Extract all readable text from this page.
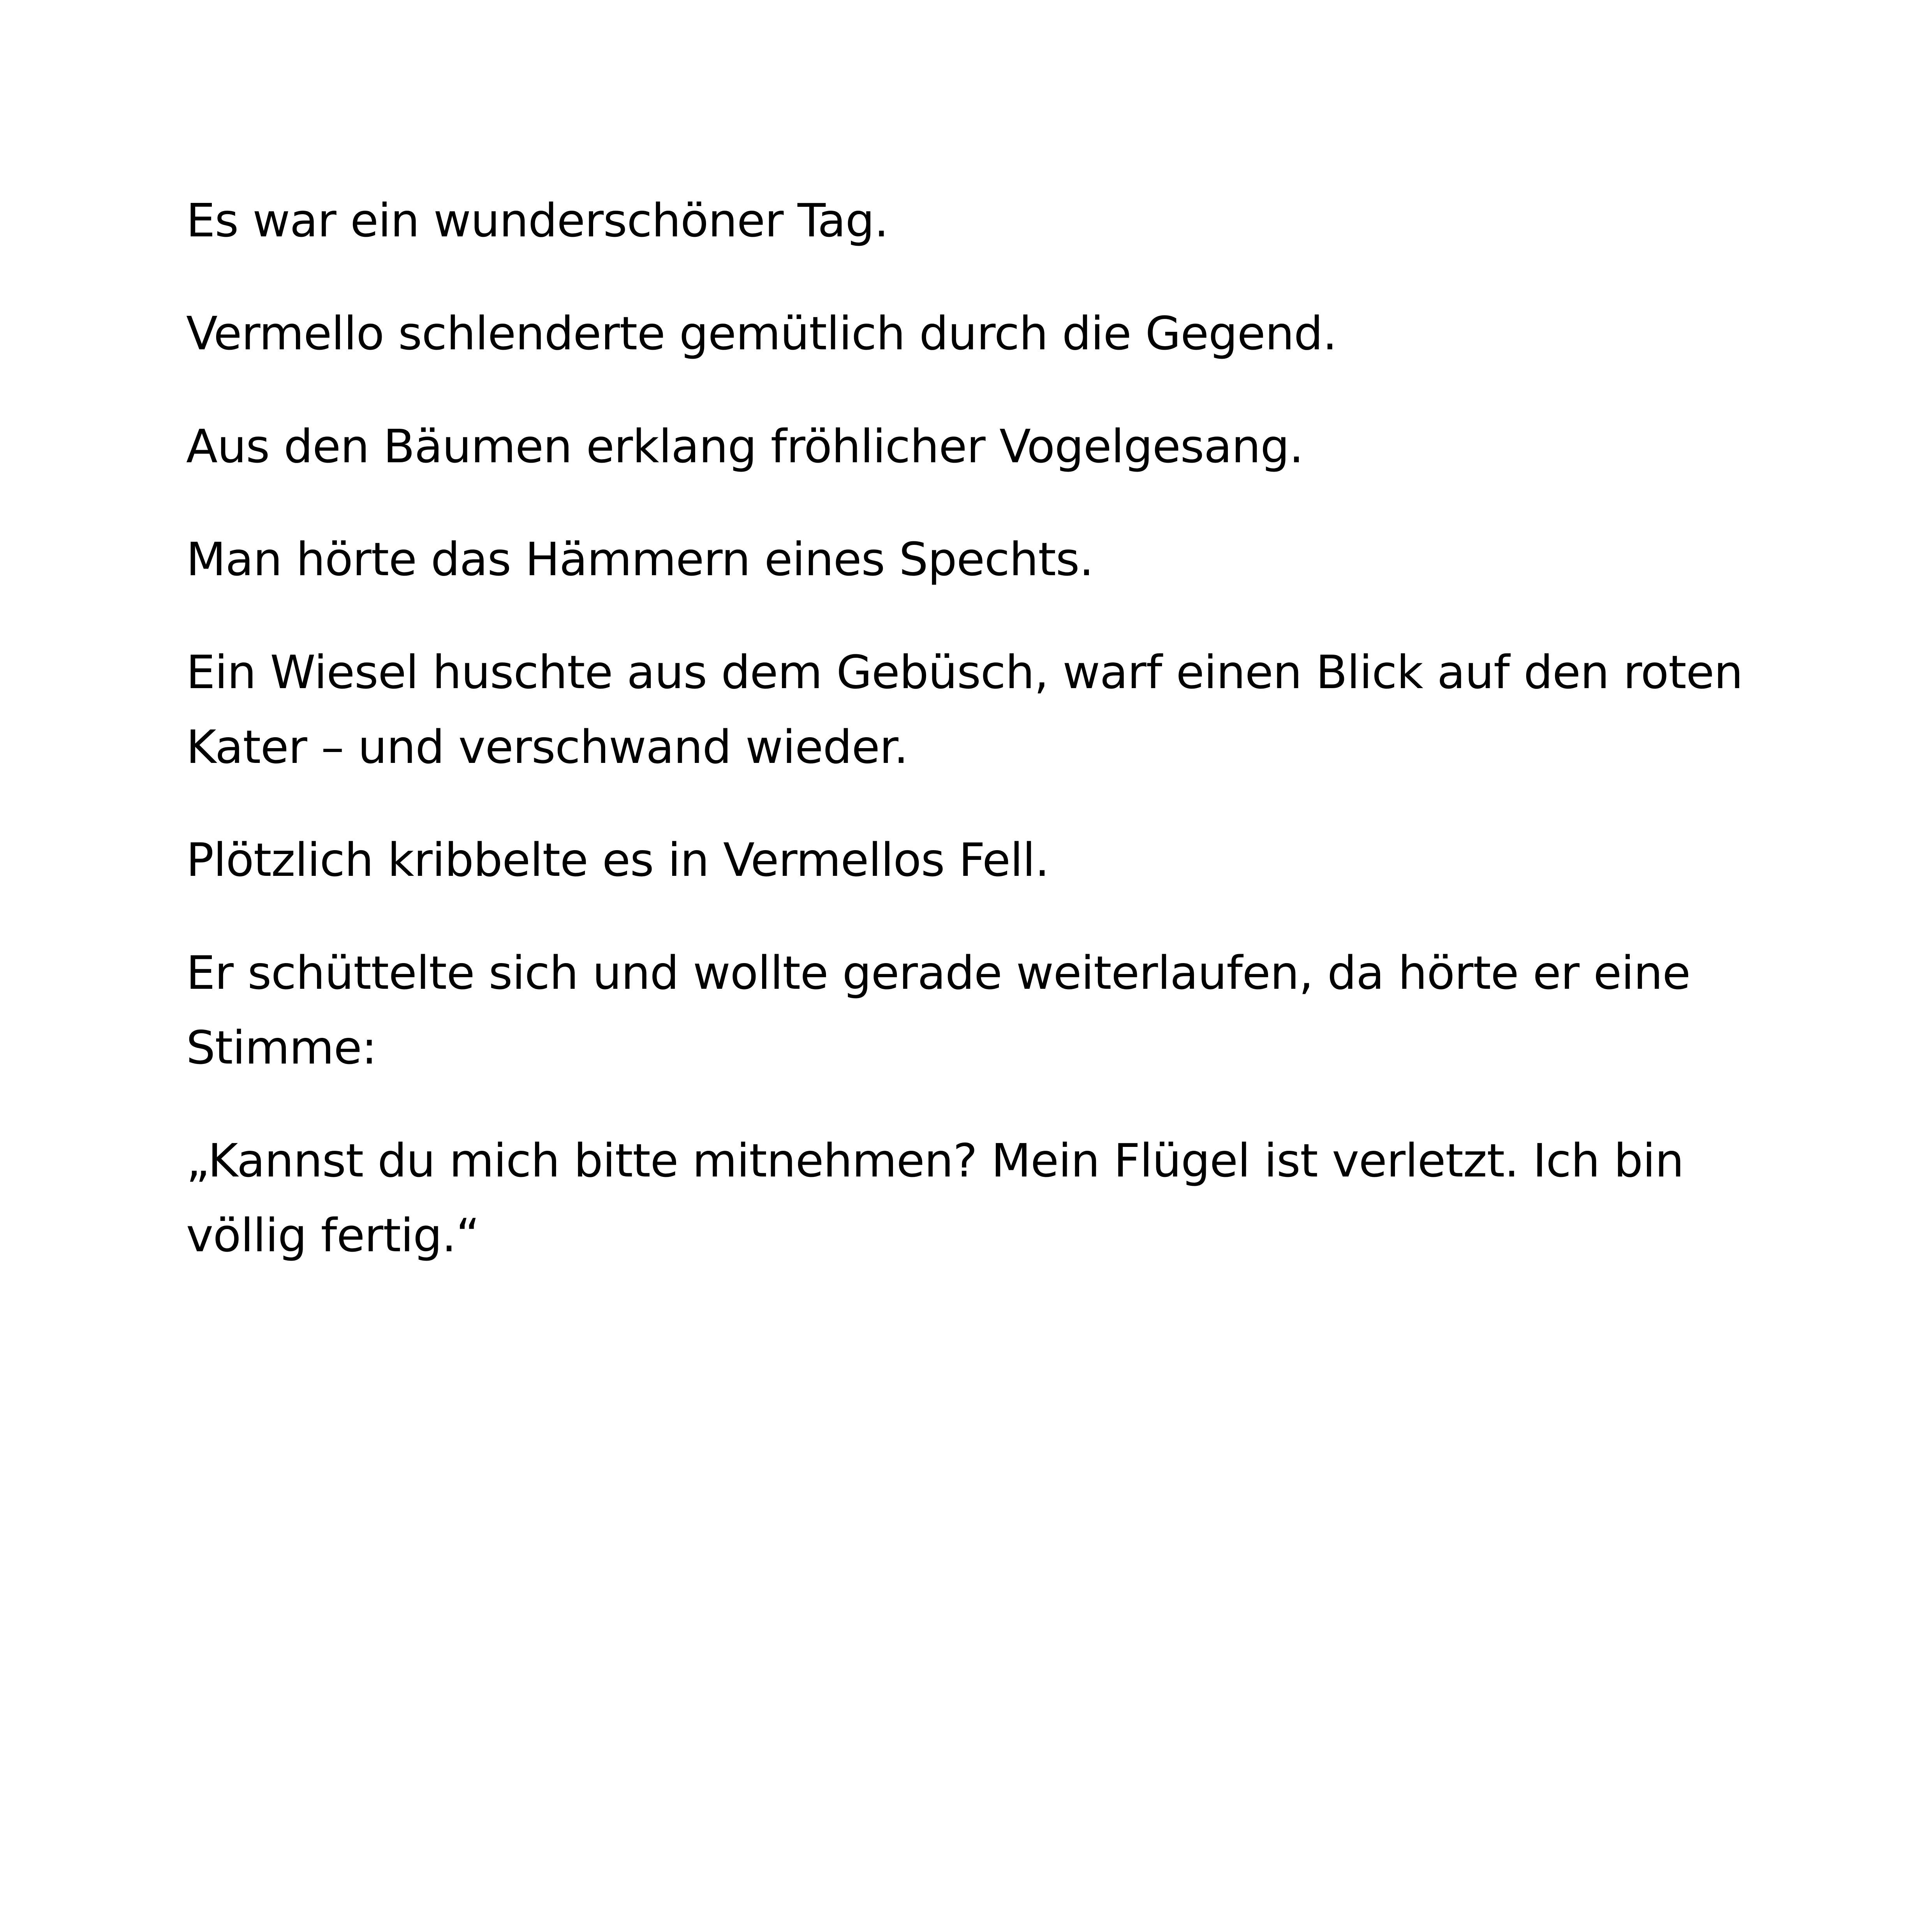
Es war ein wunderschöner Tag.

Vermello schlenderte gemütlich durch die Gegend.

Aus den Bäumen erklang fröhlicher Vogelgesang.

Man hörte das Hämmern eines Spechts.

Ein Wiesel huschte aus dem Gebüsch, warf einen Blick auf den roten Kater – und verschwand wieder.

Plötzlich kribbelte es in Vermellos Fell.

Er schüttelte sich und wollte gerade weiterlaufen, da hörte er eine Stimme:

„Kannst du mich bitte mitnehmen? Mein Flügel ist verletzt. Ich bin völlig fertig.“
